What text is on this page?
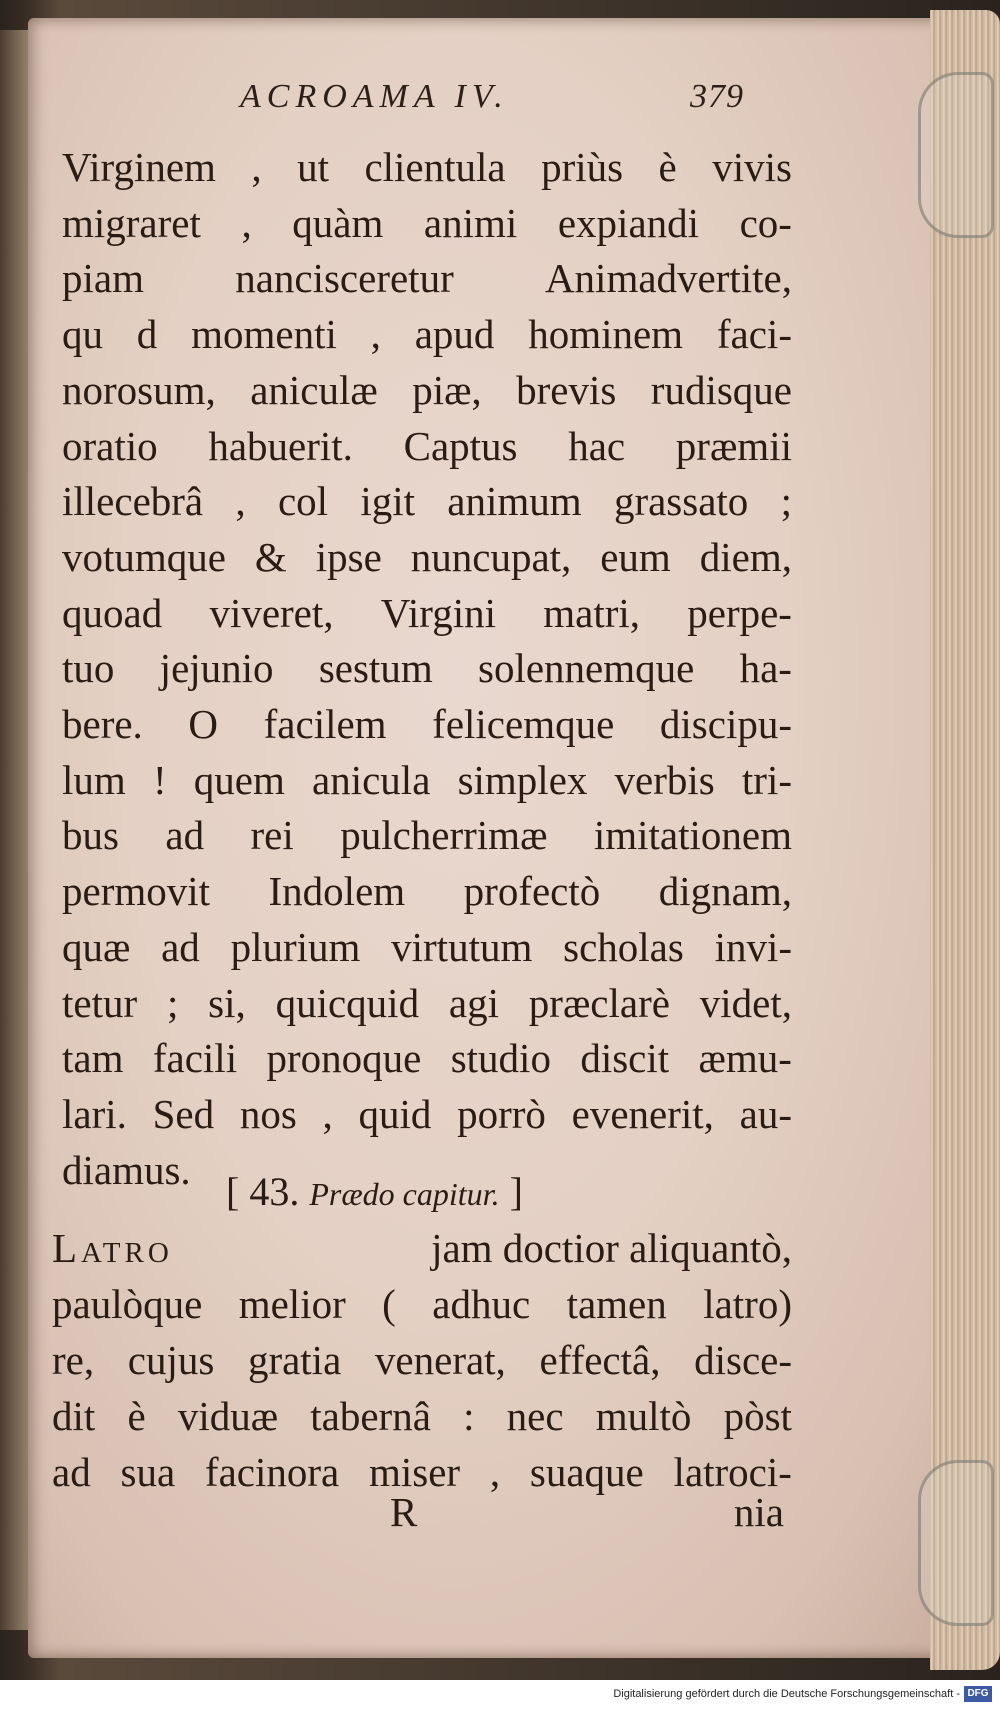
ACROAMA IV.	379
Virginem , ut clientula priùs è vivis
migraret , quàm animi expiandi co-
piam nancisceretur Animadvertite,
qu d momenti , apud hominem faci-
norosum, aniculæ piæ, brevis rudisque
oratio habuerit. Captus hac præmii
illecebrâ , col igit animum grassato ;
votumque & ipse nuncupat, eum diem,
quoad viveret, Virgini matri, perpe-
tuo jejunio sestum solennemque ha-
bere. O facilem felicemque discipu-
lum ! quem anicula simplex verbis tri-
bus ad rei pulcherrimæ imitationem
permovit Indolem profectò dignam,
quæ ad plurium virtutum scholas invi-
tetur ; si, quicquid agi præclarè videt,
tam facili pronoque studio discit æmu-
lari. Sed nos , quid porrò evenerit, au-
diamus. [ 43. Prædo capitur. ]
Latro	jam doctior aliquantò,
paulòque melior ( adhuc tamen latro)
re, cujus gratia venerat, effectâ, disce-
dit è viduæ tabernâ : nec multò pòst
ad sua facinora miser , suaque latroci-
R	nia
Digitalisierung gefördert durch die Deutsche Forschungsgemeinschaft - DFG
